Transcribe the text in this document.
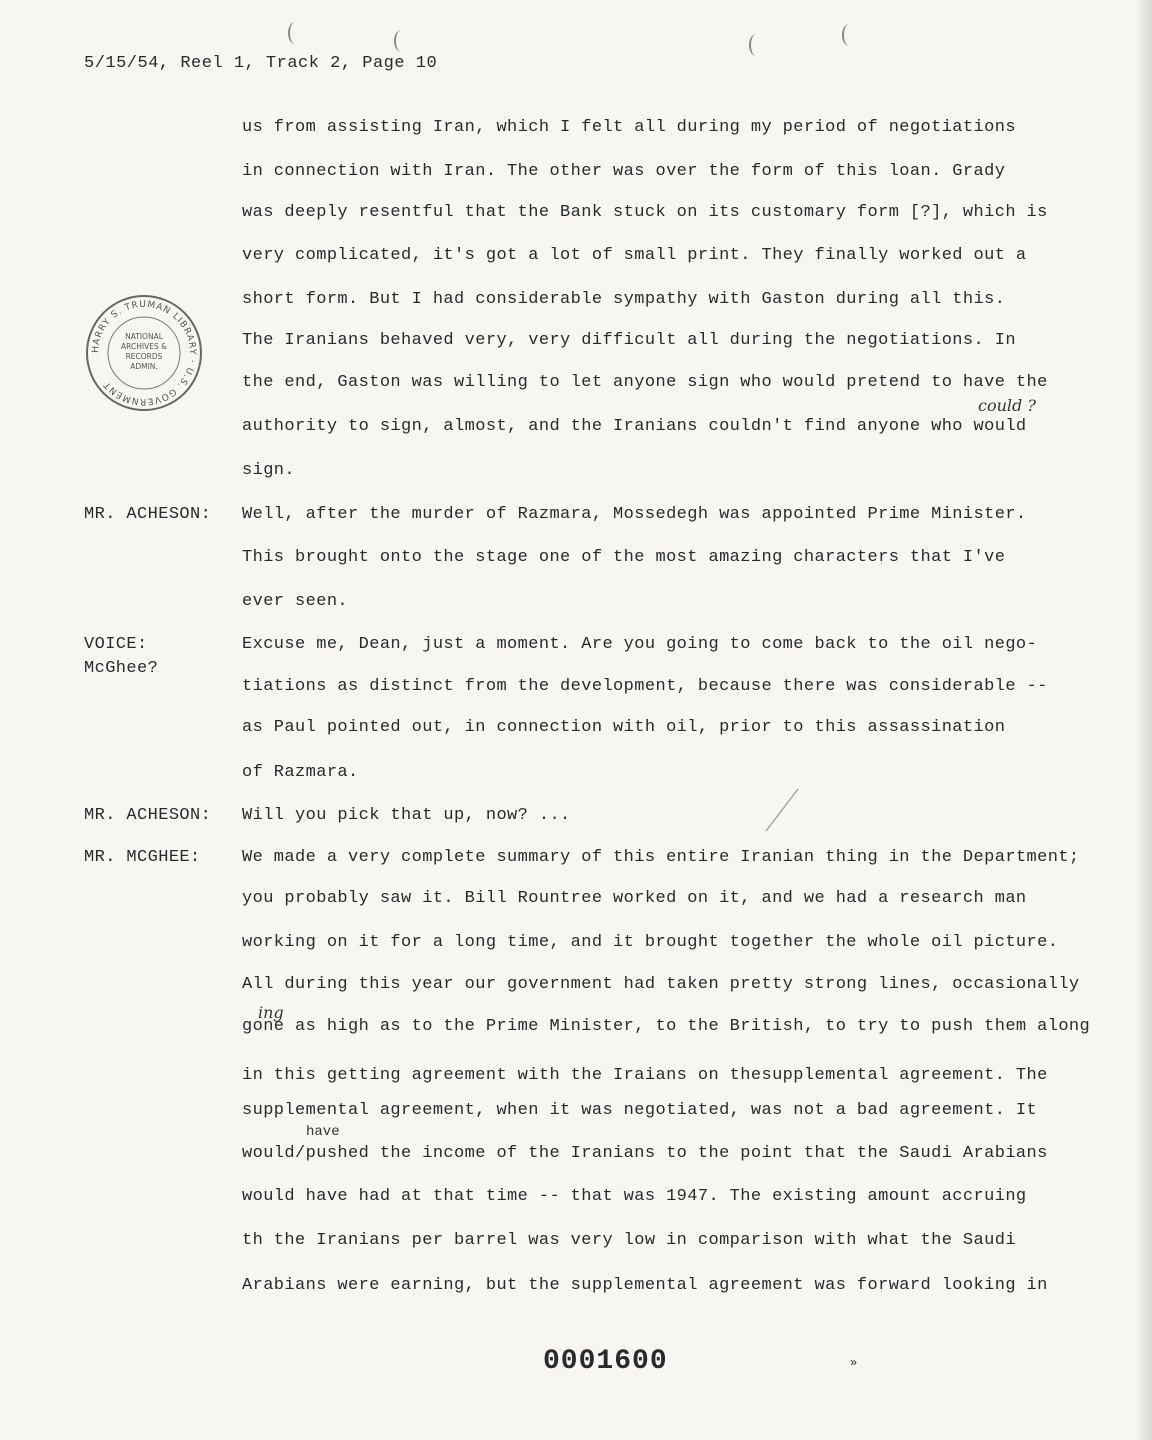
5/15/54, Reel 1, Track 2, Page 10
HARRY S. TRUMAN LIBRARY · U.S. GOVERNMENT
NATIONAL
ARCHIVES &
RECORDS
ADMIN.
MR. ACHESON:
VOICE:
McGhee?
MR. ACHESON:
MR. MCGHEE:
us from assisting Iran, which I felt all during my period of negotiations
in connection with Iran. The other was over the form of this loan. Grady
was deeply resentful that the Bank stuck on its customary form [?], which is
very complicated, it's got a lot of small print. They finally worked out a
short form. But I had considerable sympathy with Gaston during all this.
The Iranians behaved very, very difficult all during the negotiations. In
the end, Gaston was willing to let anyone sign who would pretend to have the
authority to sign, almost, and the Iranians couldn't find anyone who would
sign.
Well, after the murder of Razmara, Mossedegh was appointed Prime Minister.
This brought onto the stage one of the most amazing characters that I've
ever seen.
Excuse me, Dean, just a moment. Are you going to come back to the oil nego-
tiations as distinct from the development, because there was considerable --
as Paul pointed out, in connection with oil, prior to this assassination
of Razmara.
Will you pick that up, now? ...
We made a very complete summary of this entire Iranian thing in the Department;
you probably saw it. Bill Rountree worked on it, and we had a research man
working on it for a long time, and it brought together the whole oil picture.
All during this year our government had taken pretty strong lines, occasionally
gone as high as to the Prime Minister, to the British, to try to push them along
in this getting agreement with the Iraians on thesupplemental agreement. The
supplemental agreement, when it was negotiated, was not a bad agreement. It
would/pushed the income of the Iranians to the point that the Saudi Arabians
would have had at that time -- that was 1947. The existing amount accruing
th the Iranians per barrel was very low in comparison with what the Saudi
Arabians were earning, but the supplemental agreement was forward looking in
could ?
ing
have
0001600	»
